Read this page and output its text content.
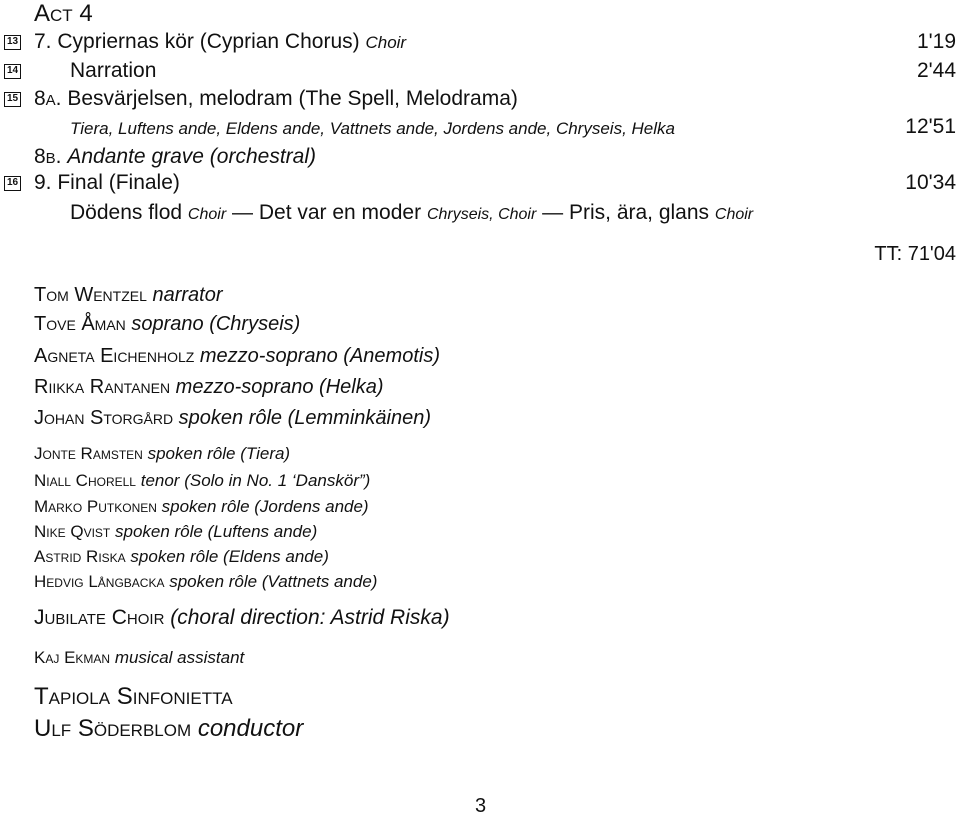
Act 4
13 7. Cypriernas kör (Cyprian Chorus) Choir	1'19
14 Narration	2'44
15 8a. Besvärjelsen, melodram (The Spell, Melodrama)
Tiera, Luftens ande, Eldens ande, Vattnets ande, Jordens ande, Chryseis, Helka	12'51
8b. Andante grave (orchestral)
16 9. Final (Finale)	10'34
Dödens flod Choir — Det var en moder Chryseis, Choir — Pris, ära, glans Choir
TT: 71'04
Tom Wentzel narrator
Tove Åman soprano (Chryseis)
Agneta Eichenholz mezzo-soprano (Anemotis)
Riikka Rantanen mezzo-soprano (Helka)
Johan Storgård spoken rôle (Lemminkäinen)
Jonte Ramsten spoken rôle (Tiera)
Niall Chorell tenor (Solo in No. 1 ‘Danskör”)
Marko Putkonen spoken rôle (Jordens ande)
Nike Qvist spoken rôle (Luftens ande)
Astrid Riska spoken rôle (Eldens ande)
Hedvig Långbacka spoken rôle (Vattnets ande)
Jubilate Choir (choral direction: Astrid Riska)
Kaj Ekman musical assistant
Tapiola Sinfonietta
Ulf Söderblom conductor
3
